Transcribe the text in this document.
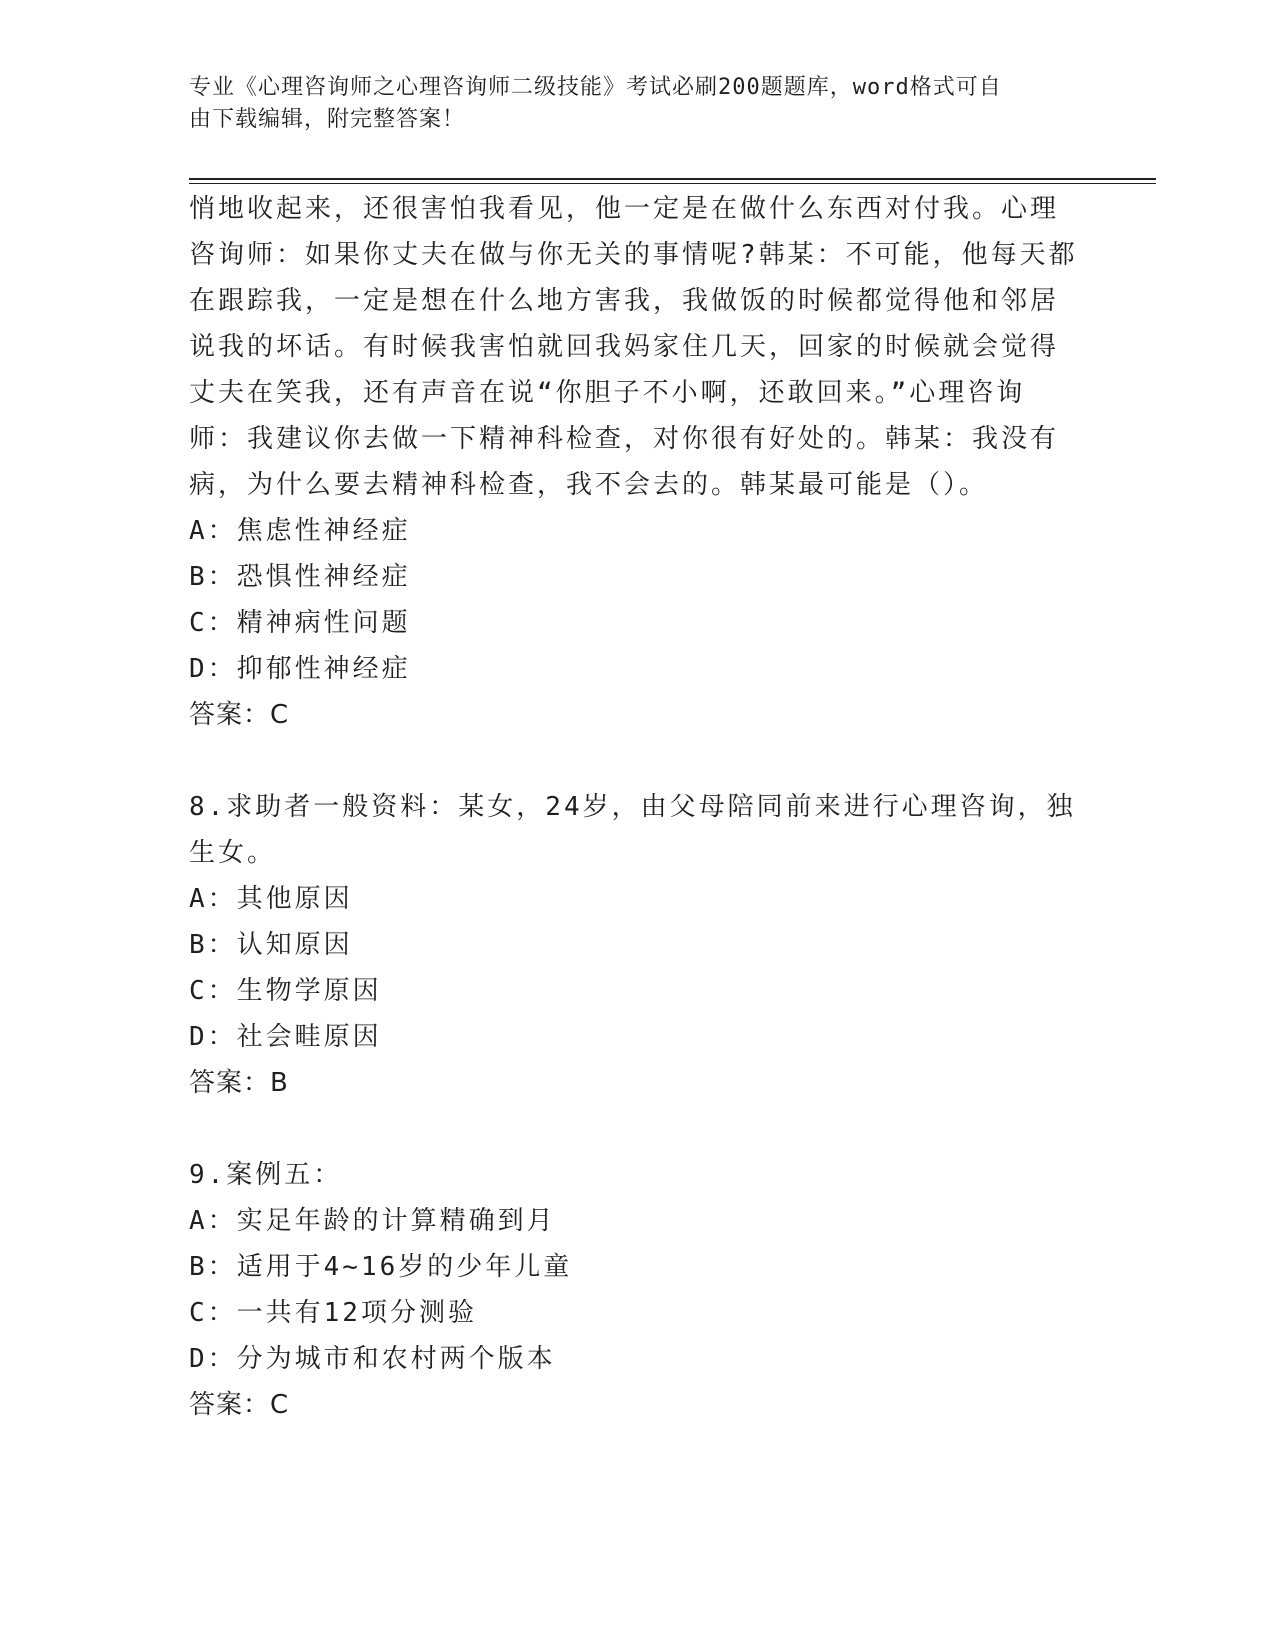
专业《心理咨询师之心理咨询师二级技能》考试必刷200题题库，word格式可自
由下载编辑，附完整答案！
悄地收起来，还很害怕我看见，他一定是在做什么东西对付我。心理
咨询师：如果你丈夫在做与你无关的事情呢?韩某：不可能，他每天都
在跟踪我，一定是想在什么地方害我，我做饭的时候都觉得他和邻居
说我的坏话。有时候我害怕就回我妈家住几天，回家的时候就会觉得
丈夫在笑我，还有声音在说“你胆子不小啊，还敢回来。”心理咨询
师：我建议你去做一下精神科检查，对你很有好处的。韩某：我没有
病，为什么要去精神科检查，我不会去的。韩某最可能是（）。
A：焦虑性神经症
B：恐惧性神经症
C：精神病性问题
D：抑郁性神经症
答案：C
8.求助者一般资料：某女，24岁，由父母陪同前来进行心理咨询，独
生女。
A：其他原因
B：认知原因
C：生物学原因
D：社会畦原因
答案：B
9.案例五：
A：实足年龄的计算精确到月
B：适用于4~16岁的少年儿童
C：一共有12项分测验
D：分为城市和农村两个版本
答案：C
